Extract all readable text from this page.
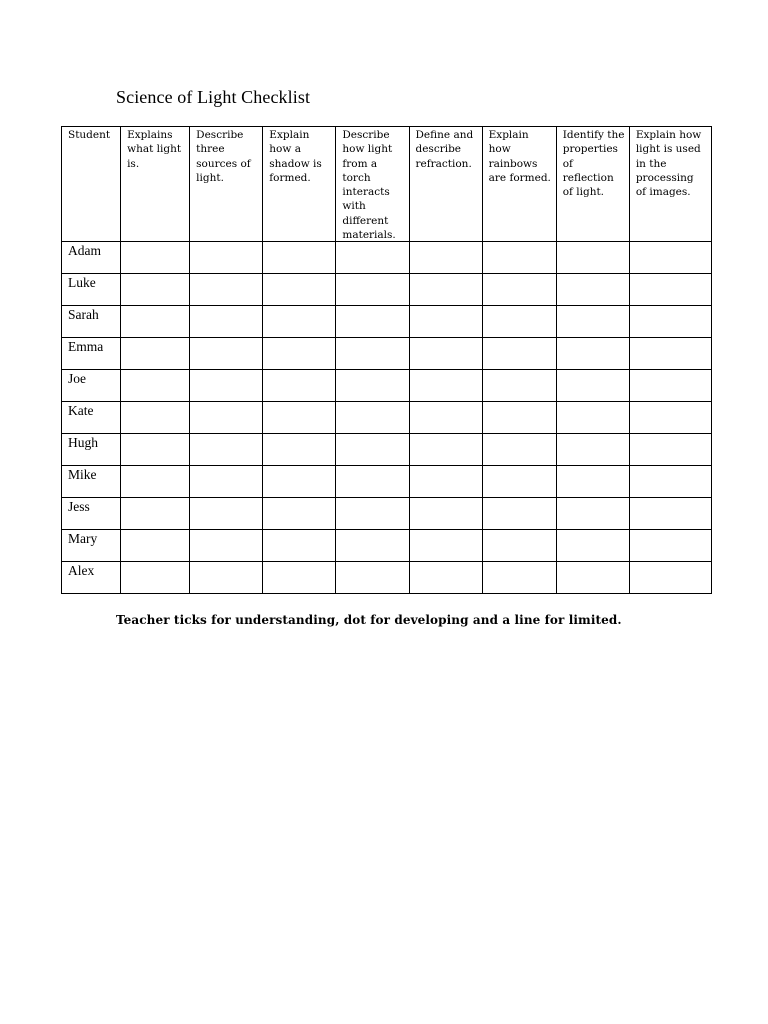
Science of Light Checklist
Student	Explains what light is.	Describe three sources of light.	Explain how a shadow is formed.	Describe how light from a torch interacts with different materials.	Define and describe refraction.	Explain how rainbows are formed.	Identify the properties of reflection of light.	Explain how light is used in the processing of images.

Adam								

Luke								

Sarah								

Emma								

Joe								

Kate								

Hugh								

Mike								

Jess								

Mary								

Alex								

Teacher ticks for understanding, dot for developing and a line for limited.
